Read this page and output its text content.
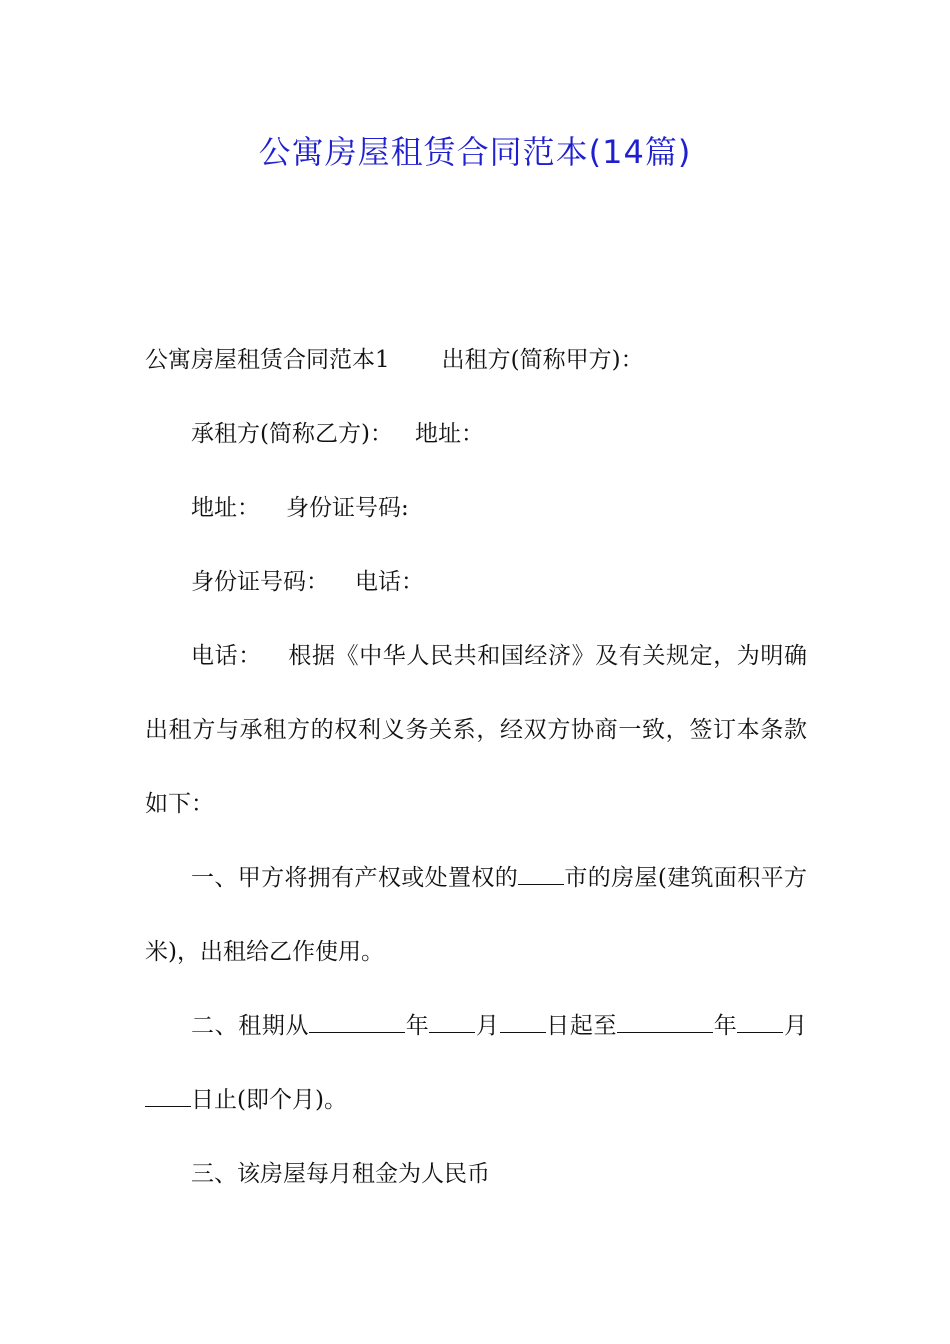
公寓房屋租赁合同范本(14篇)

公寓房屋租赁合同范本1 出租方(简称甲方)：

承租方(简称乙方)： 地址：

地址： 身份证号码:

身份证号码： 电话：

电话： 根据《中华人民共和国经济》及有关规定，为明确出租方与承租方的权利义务关系，经双方协商一致，签订本条款如下：

一、甲方将拥有产权或处置权的 市的房屋(建筑面积平方米)，出租给乙作使用。

二、租期从	年 月 日起至	年 月日止(即个月)。

三、该房屋每月租金为人民币
